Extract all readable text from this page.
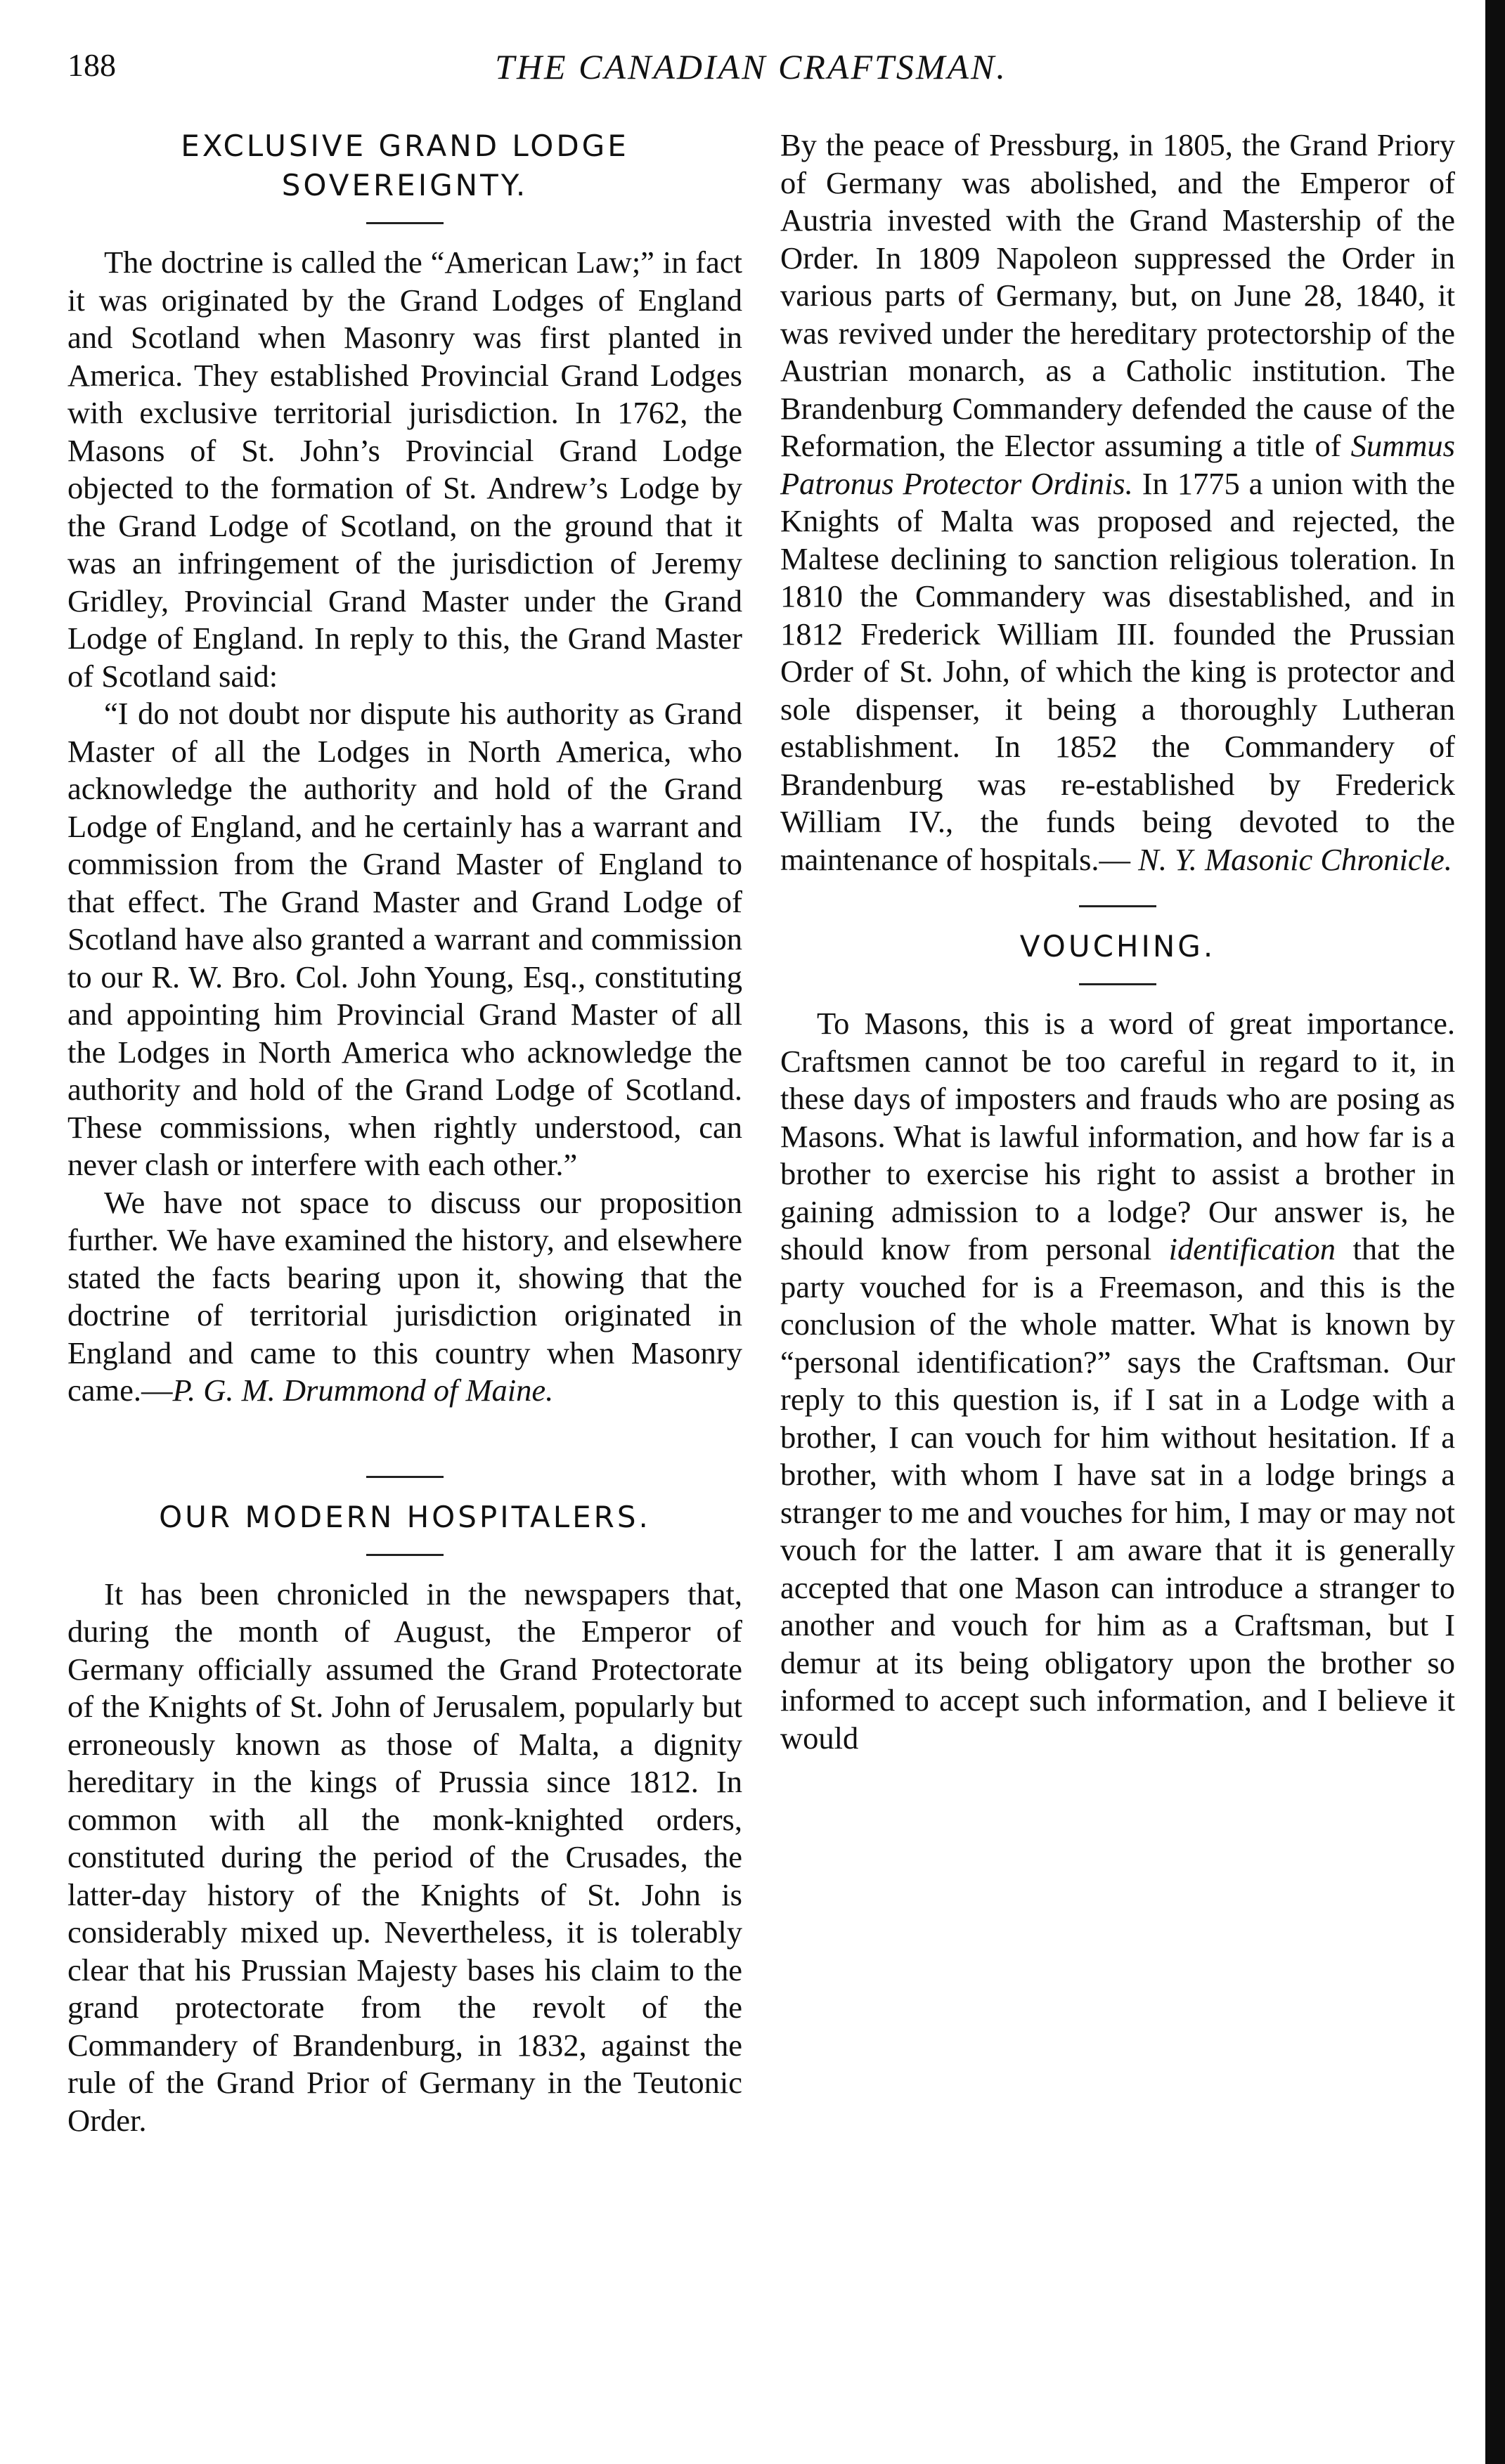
188	THE CANADIAN CRAFTSMAN.
EXCLUSIVE GRAND LODGE
SOVEREIGNTY.

The doctrine is called the “American Law;” in fact it was originated by the Grand Lodges of England and Scotland when Masonry was first planted in America. They established Provincial Grand Lodges with exclusive territorial jurisdiction. In 1762, the Masons of St. John’s Provincial Grand Lodge objected to the formation of St. Andrew’s Lodge by the Grand Lodge of Scotland, on the ground that it was an infringement of the jurisdiction of Jeremy Gridley, Provincial Grand Master under the Grand Lodge of England. In reply to this, the Grand Master of Scotland said:

“I do not doubt nor dispute his authority as Grand Master of all the Lodges in North America, who acknowledge the authority and hold of the Grand Lodge of England, and he certainly has a warrant and commission from the Grand Master of England to that effect. The Grand Master and Grand Lodge of Scotland have also granted a warrant and commission to our R. W. Bro. Col. John Young, Esq., constituting and appointing him Provincial Grand Master of all the Lodges in North America who acknowledge the authority and hold of the Grand Lodge of Scotland. These commissions, when rightly understood, can never clash or interfere with each other.”

We have not space to discuss our proposition further. We have examined the history, and elsewhere stated the facts bearing upon it, showing that the doctrine of territorial jurisdiction originated in England and came to this country when Masonry came.—P. G. M. Drummond of Maine.

OUR MODERN HOSPITALERS.

It has been chronicled in the newspapers that, during the month of August, the Emperor of Germany officially assumed the Grand Protectorate of the Knights of St. John of Jerusalem, popularly but erroneously known as those of Malta, a dignity hereditary in the kings of Prussia since 1812. In common with all the monk-knighted orders, constituted during the period of the Crusades, the latter-day history of the Knights of St. John is considerably mixed up. Nevertheless, it is tolerably clear that his Prussian Majesty bases his claim to the grand protectorate from the revolt of the Commandery of Brandenburg, in 1832, against the rule of the Grand Prior of Germany in the Teutonic Order.

By the peace of Pressburg, in 1805, the Grand Priory of Germany was abolished, and the Emperor of Austria invested with the Grand Mastership of the Order. In 1809 Napoleon suppressed the Order in various parts of Germany, but, on June 28, 1840, it was revived under the hereditary protectorship of the Austrian monarch, as a Catholic institution. The Brandenburg Commandery defended the cause of the Reformation, the Elector assuming a title of Summus Patronus Protector Ordinis. In 1775 a union with the Knights of Malta was proposed and rejected, the Maltese declining to sanction religious toleration. In 1810 the Commandery was disestablished, and in 1812 Frederick William III. founded the Prussian Order of St. John, of which the king is protector and sole dispenser, it being a thoroughly Lutheran establishment. In 1852 the Commandery of Brandenburg was re-established by Frederick William IV., the funds being devoted to the maintenance of hospitals.— N. Y. Masonic Chronicle.

VOUCHING.

To Masons, this is a word of great importance. Craftsmen cannot be too careful in regard to it, in these days of imposters and frauds who are posing as Masons. What is lawful information, and how far is a brother to exercise his right to assist a brother in gaining admission to a lodge? Our answer is, he should know from personal identification that the party vouched for is a Freemason, and this is the conclusion of the whole matter. What is known by “personal identification?” says the Craftsman. Our reply to this question is, if I sat in a Lodge with a brother, I can vouch for him without hesitation. If a brother, with whom I have sat in a lodge brings a stranger to me and vouches for him, I may or may not vouch for the latter. I am aware that it is generally accepted that one Mason can introduce a stranger to another and vouch for him as a Craftsman, but I demur at its being obligatory upon the brother so informed to accept such information, and I believe it would
